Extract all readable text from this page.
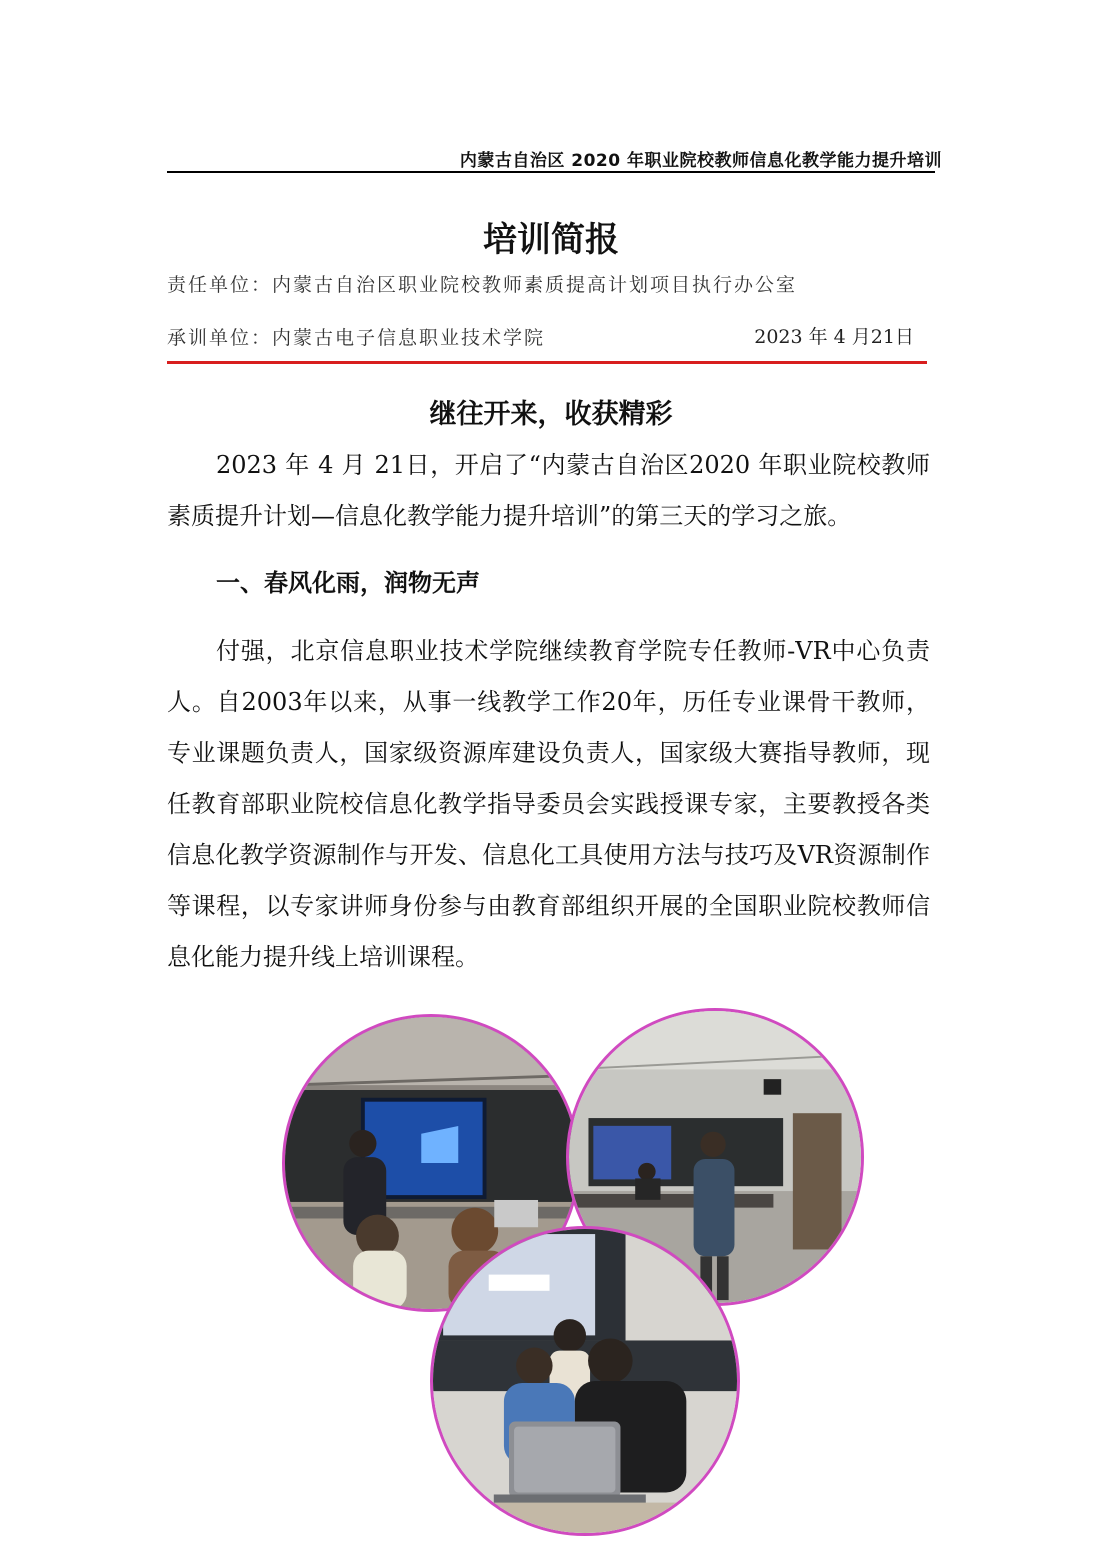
内蒙古自治区 2020 年职业院校教师信息化教学能力提升培训
培训简报
责任单位：内蒙古自治区职业院校教师素质提高计划项目执行办公室
承训单位：内蒙古电子信息职业技术学院	2023 年 4 月21日
继往开来，收获精彩

2023 年 4 月 21日，开启了“内蒙古自治区2020 年职业院校教师素质提升计划—信息化教学能力提升培训”的第三天的学习之旅。

一、春风化雨，润物无声

付强，北京信息职业技术学院继续教育学院专任教师-VR中心负责人。自2003年以来，从事一线教学工作20年，历任专业课骨干教师，专业课题负责人，国家级资源库建设负责人，国家级大赛指导教师，现任教育部职业院校信息化教学指导委员会实践授课专家，主要教授各类信息化教学资源制作与开发、信息化工具使用方法与技巧及VR资源制作等课程，以专家讲师身份参与由教育部组织开展的全国职业院校教师信息化能力提升线上培训课程。
